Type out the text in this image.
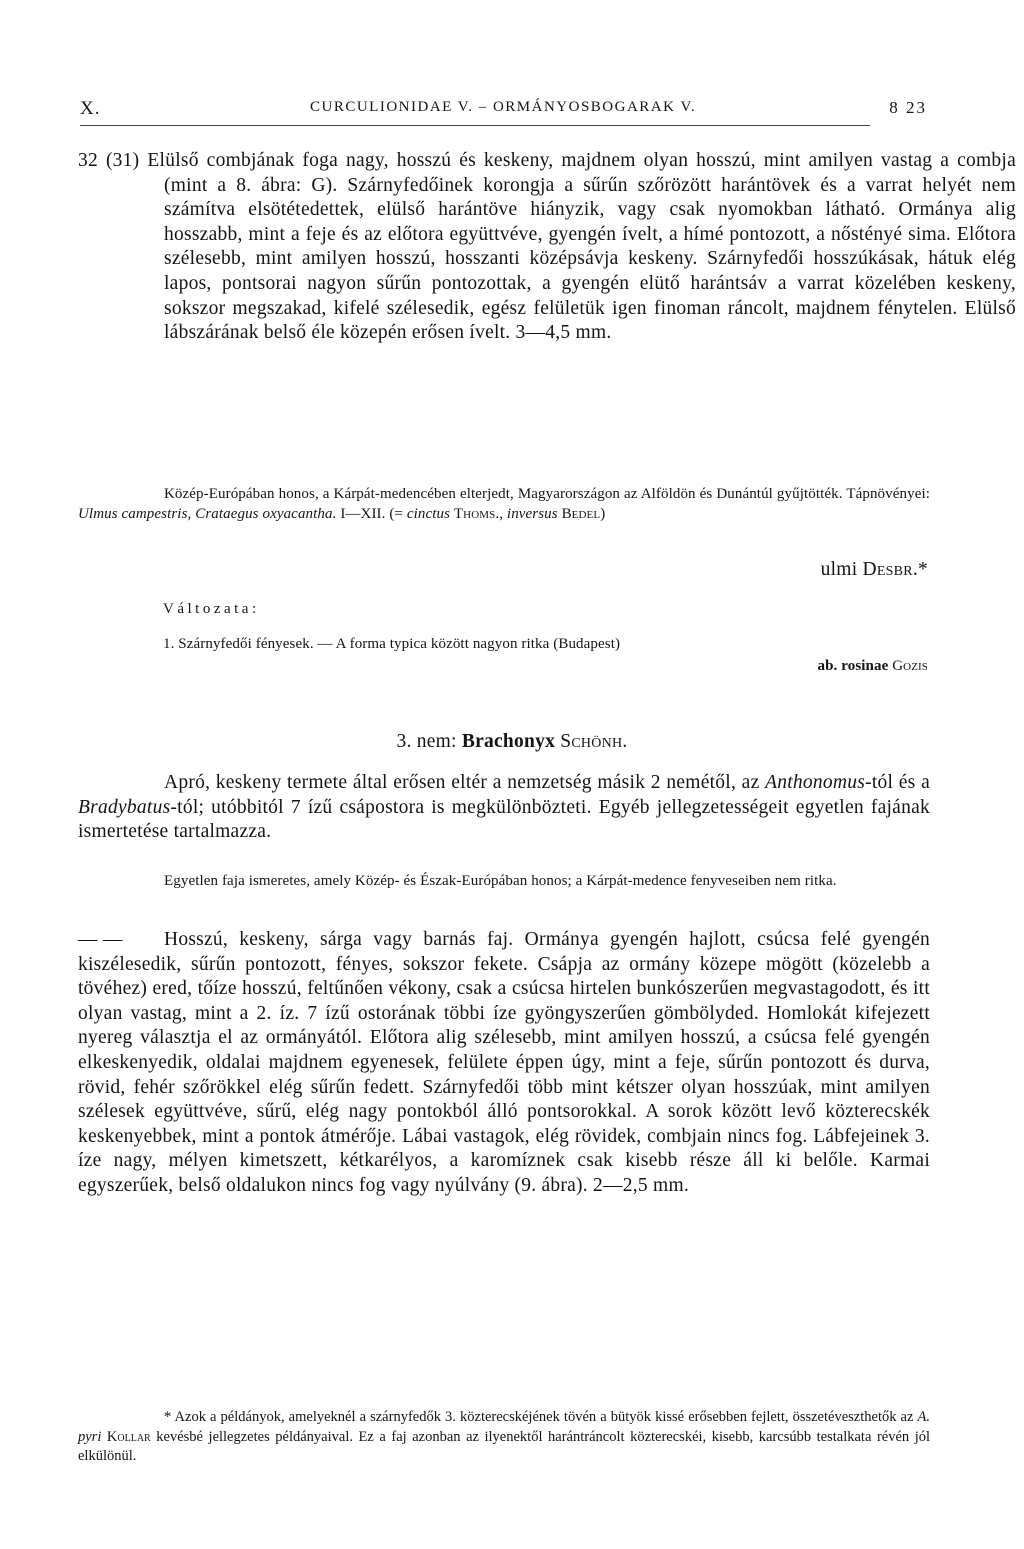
X.	CURCULIONIDAE V. – ORMÁNYOSBOGARAK V.	8 23
32 (31) Elülső combjának foga nagy, hosszú és keskeny, majdnem olyan hosszú, mint amilyen vastag a combja (mint a 8. ábra: G). Szárnyfedőinek korongja a sűrűn szőrözött harántövek és a varrat helyét nem számítva elsötétedettek, elülső harántöve hiányzik, vagy csak nyomokban látható. Ormánya alig hosszabb, mint a feje és az előtora együttvéve, gyengén ívelt, a hímé pontozott, a nőstényé sima. Előtora szélesebb, mint amilyen hosszú, hosszanti középsávja keskeny. Szárnyfedői hosszúkásak, hátuk elég lapos, pontsorai nagyon sűrűn pontozottak, a gyengén elütő harántsáv a varrat közelében keskeny, sokszor megszakad, kifelé szélesedik, egész felületük igen finoman ráncolt, majdnem fénytelen. Elülső lábszárának belső éle közepén erősen ívelt. 3—4,5 mm.
Közép-Európában honos, a Kárpát-medencében elterjedt, Magyarországon az Alföldön és Dunántúl gyűjtötték. Tápnövényei: Ulmus campestris, Crataegus oxyacantha. I—XII. (= cinctus Thoms., inversus Bedel)
ulmi Desbr.*
Változata:
1. Szárnyfedői fényesek. — A forma typica között nagyon ritka (Budapest)
ab. rosinae Gozis
3. nem: Brachonyx Schönh.
Apró, keskeny termete által erősen eltér a nemzetség másik 2 nemétől, az Anthonomus-tól és a Bradybatus-tól; utóbbitól 7 ízű csápostora is megkülönbözteti. Egyéb jellegzetességeit egyetlen fajának ismertetése tartalmazza.
Egyetlen faja ismeretes, amely Közép- és Észak-Európában honos; a Kárpát-medence fenyveseiben nem ritka.
— — Hosszú, keskeny, sárga vagy barnás faj. Ormánya gyengén hajlott, csúcsa felé gyengén kiszélesedik, sűrűn pontozott, fényes, sokszor fekete. Csápja az ormány közepe mögött (közelebb a tövéhez) ered, tőíze hosszú, feltűnően vékony, csak a csúcsa hirtelen bunkószerűen megvastagodott, és itt olyan vastag, mint a 2. íz. 7 ízű ostorának többi íze gyöngyszerűen gömbölyded. Homlokát kifejezett nyereg választja el az ormányától. Előtora alig szélesebb, mint amilyen hosszú, a csúcsa felé gyengén elkeskenyedik, oldalai majdnem egyenesek, felülete éppen úgy, mint a feje, sűrűn pontozott és durva, rövid, fehér szőrökkel elég sűrűn fedett. Szárnyfedői több mint kétszer olyan hosszúak, mint amilyen szélesek együttvéve, sűrű, elég nagy pontokból álló pontsorokkal. A sorok között levő közterecskék keskenyebbek, mint a pontok átmérője. Lábai vastagok, elég rövidek, combjain nincs fog. Lábfejeinek 3. íze nagy, mélyen kimetszett, kétkarélyos, a karomíznek csak kisebb része áll ki belőle. Karmai egyszerűek, belső oldalukon nincs fog vagy nyúlvány (9. ábra). 2—2,5 mm.
* Azok a példányok, amelyeknél a szárnyfedők 3. közterecskéjének tövén a bütyök kissé erősebben fejlett, összetéveszthetők az A. pyri Kollar kevésbé jellegzetes példányaival. Ez a faj azonban az ilyenektől harántráncolt közterecskéi, kisebb, karcsúbb testalkata révén jól elkülönül.
